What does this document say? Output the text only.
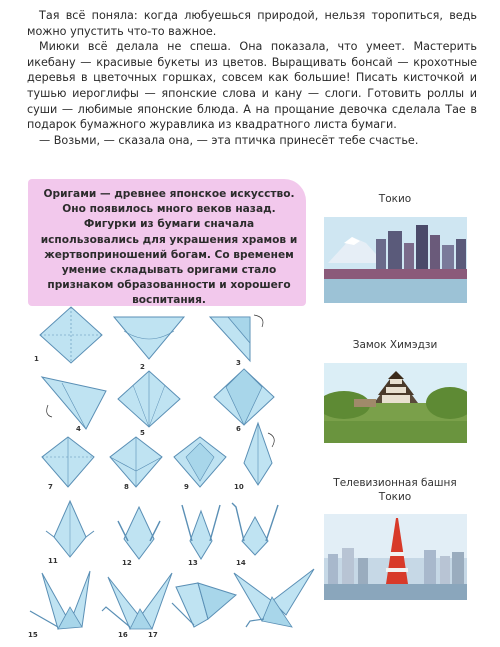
Тая всё поняла: когда любуешься природой, нельзя торопиться, ведь можно упустить что-то важное.

Миюки всё делала не спеша. Она показала, что умеет. Мастерить икебану — красивые букеты из цветов. Выращивать бонсай — крохотные деревья в цветочных горшках, совсем как большие! Писать кисточкой и тушью иероглифы — японские слова и кану — слоги. Готовить роллы и суши — любимые японские блюда. А на прощание девочка сделала Тае в подарок бумажного журавлика из квадратного листа бумаги.

— Возьми, — сказала она, — эта птичка принесёт тебе счастье.

Оригами — древнее японское искусство. Оно появилось много веков назад. Фигурки из бумаги сначала использовались для украшения храмов и жертвоприношений богам. Со временем умение складывать оригами стало признаком образованности и хорошего воспитания.

1
2	3
4	5	6
7	8	9	10
11	12	13	14
15	16	17
Токио
Замок Химэдзи
Телевизионная башня Токио
